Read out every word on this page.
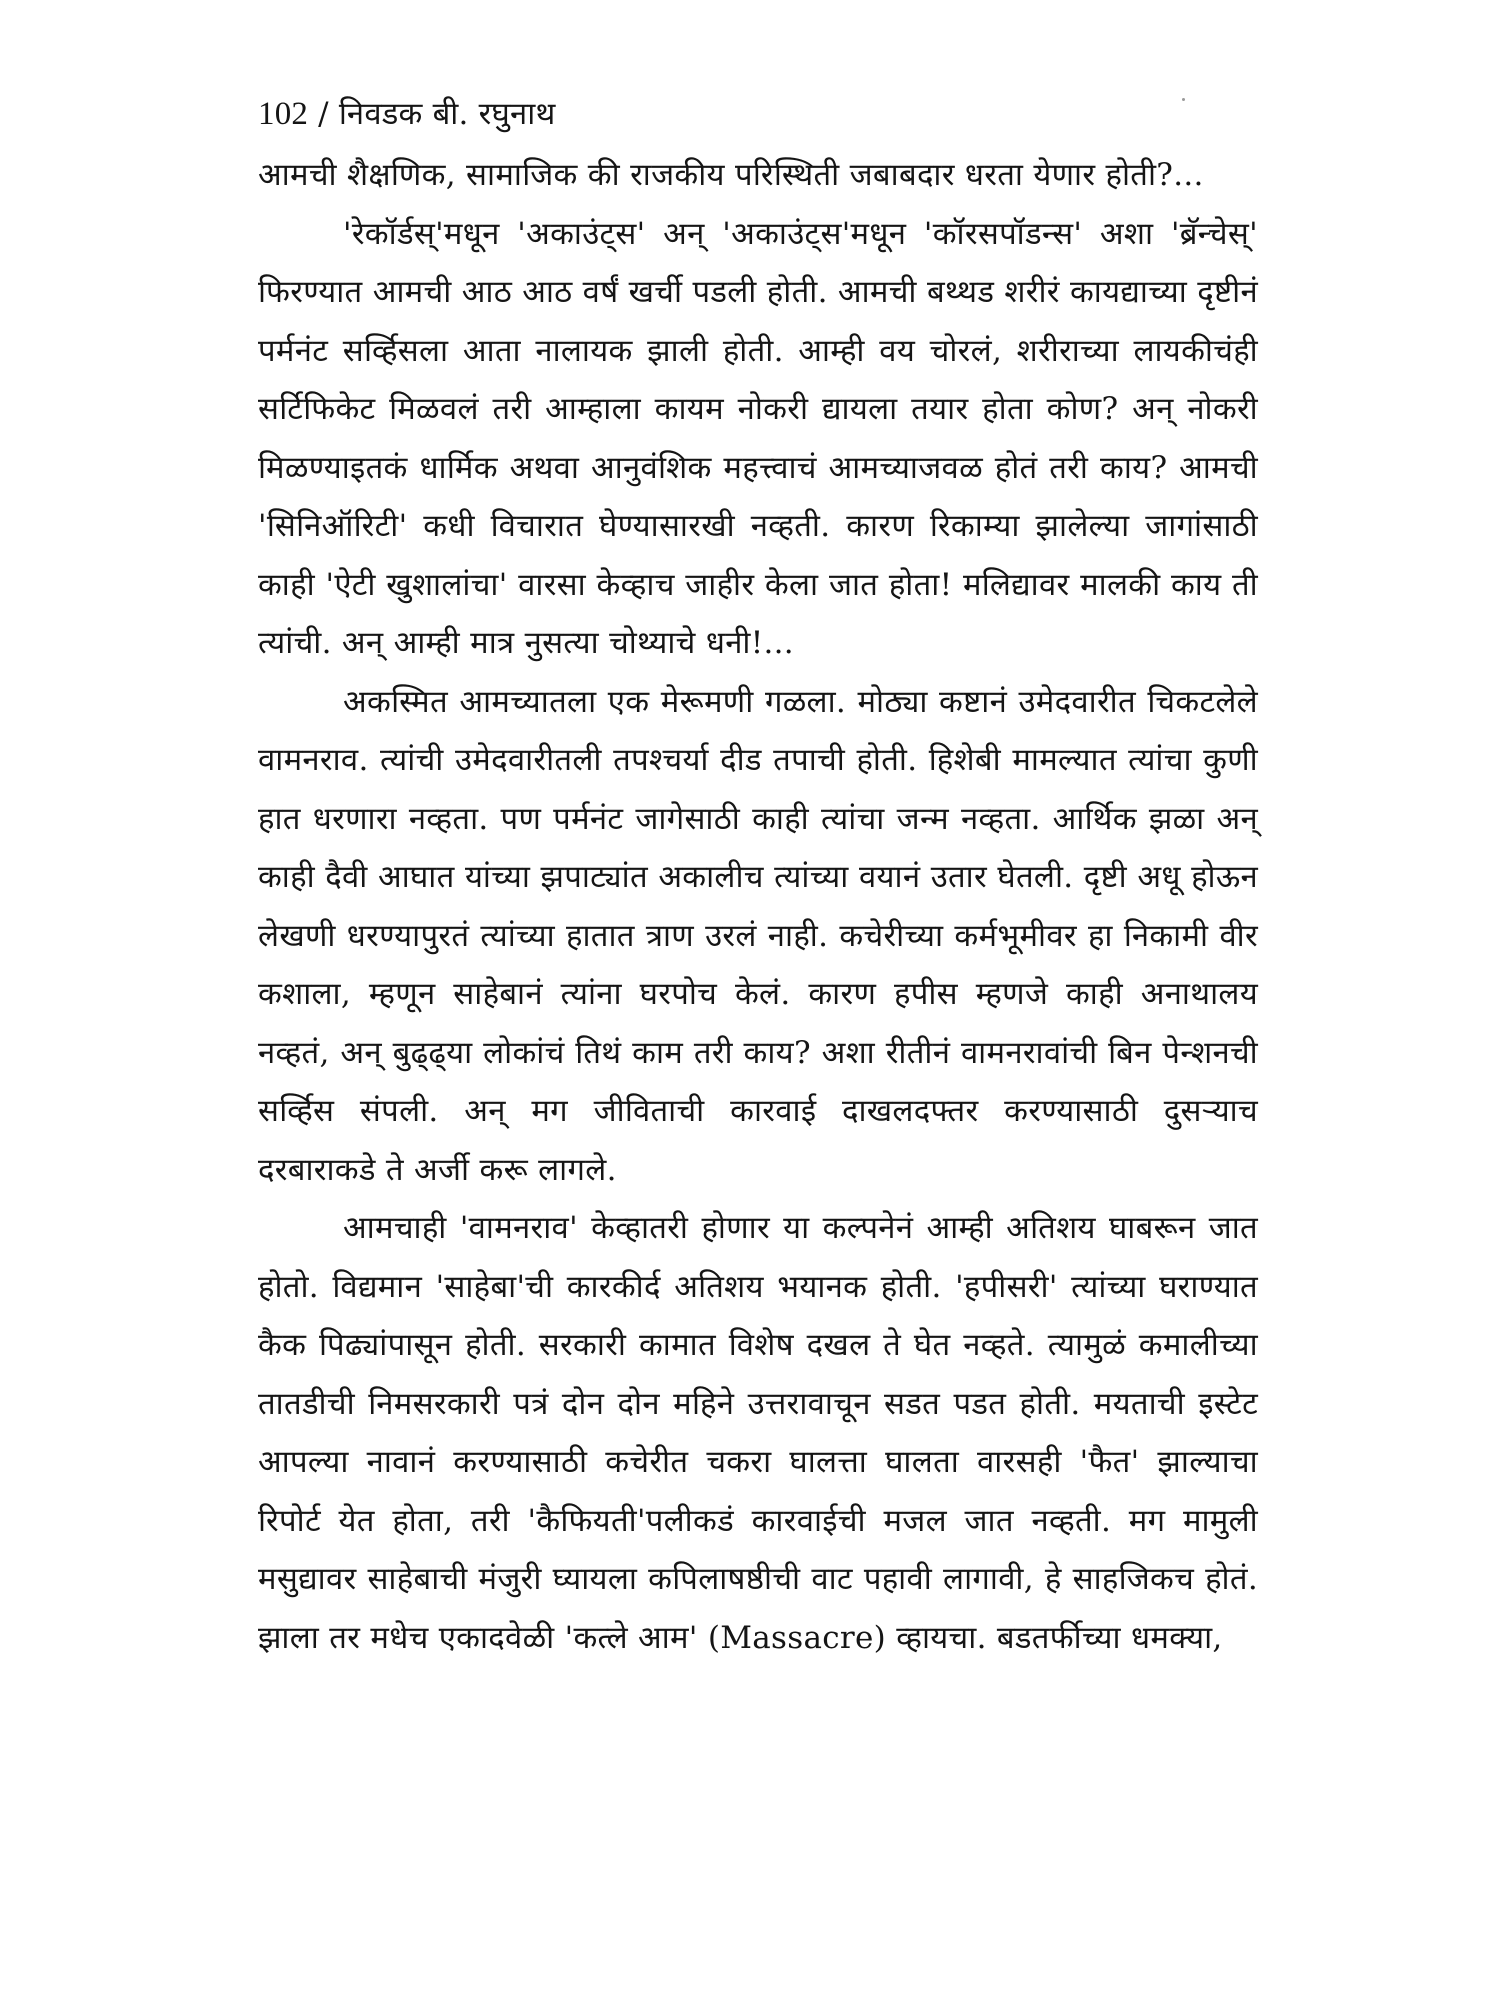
102 / निवडक बी. रघुनाथ

आमची शैक्षणिक, सामाजिक की राजकीय परिस्थिती जबाबदार धरता येणार होती?...

'रेकॉर्डस्'मधून 'अकाउंट्स' अन् 'अकाउंट्स'मधून 'कॉरसपॉडन्स' अशा 'ब्रॅन्चेस्' फिरण्यात आमची आठ आठ वर्षं खर्ची पडली होती. आमची बथ्थड शरीरं कायद्याच्या दृष्टीनं पर्मनंट सर्व्हिसला आता नालायक झाली होती. आम्ही वय चोरलं, शरीराच्या लायकीचंही सर्टिफिकेट मिळवलं तरी आम्हाला कायम नोकरी द्यायला तयार होता कोण? अन् नोकरी मिळण्याइतकं धार्मिक अथवा आनुवंशिक महत्त्वाचं आमच्याजवळ होतं तरी काय? आमची 'सिनिऑरिटी' कधी विचारात घेण्यासारखी नव्हती. कारण रिकाम्या झालेल्या जागांसाठी काही 'ऐटी खुशालांचा' वारसा केव्हाच जाहीर केला जात होता! मलिद्यावर मालकी काय ती त्यांची. अन् आम्ही मात्र नुसत्या चोथ्याचे धनी!...

अकस्मित आमच्यातला एक मेरूमणी गळला. मोठ्या कष्टानं उमेदवारीत चिकटलेले वामनराव. त्यांची उमेदवारीतली तपश्चर्या दीड तपाची होती. हिशेबी मामल्यात त्यांचा कुणी हात धरणारा नव्हता. पण पर्मनंट जागेसाठी काही त्यांचा जन्म नव्हता. आर्थिक झळा अन् काही दैवी आघात यांच्या झपाट्यांत अकालीच त्यांच्या वयानं उतार घेतली. दृष्टी अधू होऊन लेखणी धरण्यापुरतं त्यांच्या हातात त्राण उरलं नाही. कचेरीच्या कर्मभूमीवर हा निकामी वीर कशाला, म्हणून साहेबानं त्यांना घरपोच केलं. कारण हपीस म्हणजे काही अनाथालय नव्हतं, अन् बुढ्ढ्या लोकांचं तिथं काम तरी काय? अशा रीतीनं वामनरावांची बिन पेन्शनची सर्व्हिस संपली. अन् मग जीविताची कारवाई दाखलदफ्तर करण्यासाठी दुसऱ्याच दरबाराकडे ते अर्जी करू लागले.

आमचाही 'वामनराव' केव्हातरी होणार या कल्पनेनं आम्ही अतिशय घाबरून जात होतो. विद्यमान 'साहेबा'ची कारकीर्द अतिशय भयानक होती. 'हपीसरी' त्यांच्या घराण्यात कैक पिढ्यांपासून होती. सरकारी कामात विशेष दखल ते घेत नव्हते. त्यामुळं कमालीच्या तातडीची निमसरकारी पत्रं दोन दोन महिने उत्तरावाचून सडत पडत होती. मयताची इस्टेट आपल्या नावानं करण्यासाठी कचेरीत चकरा घालत्ता घालता वारसही 'फैत' झाल्याचा रिपोर्ट येत होता, तरी 'कैफियती'पलीकडं कारवाईची मजल जात नव्हती. मग मामुली मसुद्यावर साहेबाची मंजुरी घ्यायला कपिलाषष्ठीची वाट पहावी लागावी, हे साहजिकच होतं. झाला तर मधेच एकादवेळी 'कत्ले आम' (Massacre) व्हायचा. बडतर्फीच्या धमक्या,
